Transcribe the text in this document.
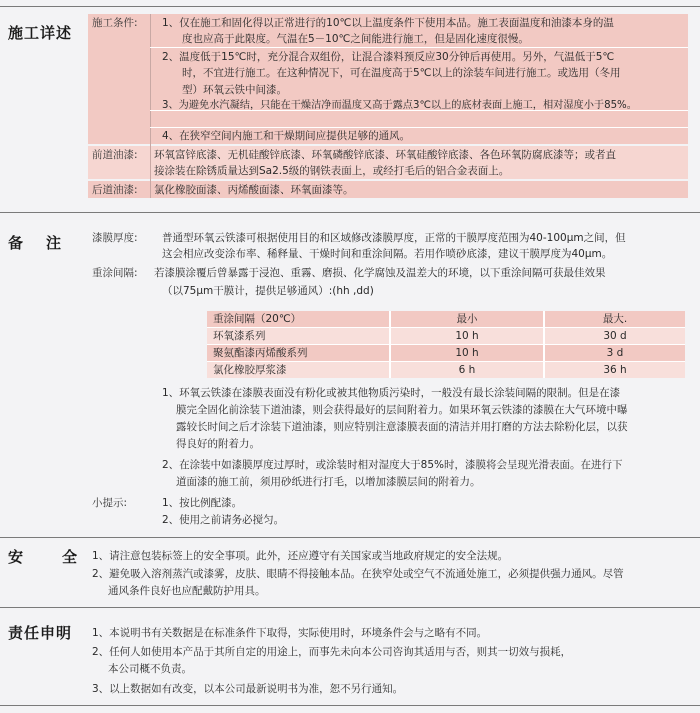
施工详述
施工条件: 1、仅在施工和固化得以正常进行的10℃以上温度条件下使用本品。施工表面温度和油漆本身的温
度也应高于此限度。气温在5－10℃之间能进行施工，但是固化速度很慢。
2、温度低于15℃时，充分混合双组份，让混合漆料预反应30分钟后再使用。另外，气温低于5℃
时，不宜进行施工。在这种情况下，可在温度高于5℃以上的涂装车间进行施工。或选用（冬用
型）环氧云铁中间漆。
3、为避免水汽凝结，只能在干燥洁净而温度又高于露点3℃以上的底材表面上施工，相对湿度小于85%。
4、在狭窄空间内施工和干燥期间应提供足够的通风。
前道油漆: 环氧富锌底漆、无机硅酸锌底漆、环氧磷酸锌底漆、环氧硅酸锌底漆、各色环氧防腐底漆等；或者直
接涂装在除锈质量达到Sa2.5级的钢铁表面上，或经打毛后的铝合金表面上。
后道油漆: 氯化橡胶面漆、丙烯酸面漆、环氧面漆等。
备　注	漆膜厚度: 普通型环氧云铁漆可根据使用目的和区域修改漆膜厚度，正常的干膜厚度范围为40-100μm之间，但
这会相应改变涂布率、稀释量、干燥时间和重涂间隔。若用作喷砂底漆，建议干膜厚度为40μm。
重涂间隔: 若漆膜涂覆后曾暴露于浸泡、重霧、磨损、化学腐蚀及温差大的环境，以下重涂间隔可获最佳效果
（以75μm干膜计，提供足够通风）:(hh ,dd)
重涂间隔（20℃）	最小	最大.
环氧漆系列	10 h	30 d
聚氨酯漆丙烯酸系列	10 h	3 d
氯化橡胶厚浆漆	6 h	36 h
1、环氧云铁漆在漆膜表面没有粉化或被其他物质污染时，一般没有最长涂装间隔的限制。但是在漆
膜完全固化前涂装下道油漆，则会获得最好的层间附着力。如果环氧云铁漆的漆膜在大气环境中曝
露较长时间之后才涂装下道油漆，则应特别注意漆膜表面的清洁并用打磨的方法去除粉化层，以获
得良好的附着力。
2、在涂装中如漆膜厚度过厚时，或涂装时相对湿度大于85%时，漆膜将会呈现光滑表面。在进行下
道面漆的施工前，须用砂纸进行打毛，以增加漆膜层间的附着力。
小提示:	1、按比例配漆。
2、使用之前请务必搅匀。
安　全 1、请注意包装标签上的安全事项。此外，还应遵守有关国家或当地政府规定的安全法规。
2、避免吸入溶剂蒸汽或漆雾，皮肤、眼睛不得接触本品。在狭窄处或空气不流通处施工，必须提供强力通风。尽管
通风条件良好也应配戴防护用具。
责任申明 1、本说明书有关数据是在标准条件下取得，实际使用时，环境条件会与之略有不同。
2、任何人如使用本产品于其所自定的用途上，而事先未向本公司咨询其适用与否，则其一切效与损耗，
本公司概不负责。
3、以上数据如有改变，以本公司最新说明书为准，恕不另行通知。
